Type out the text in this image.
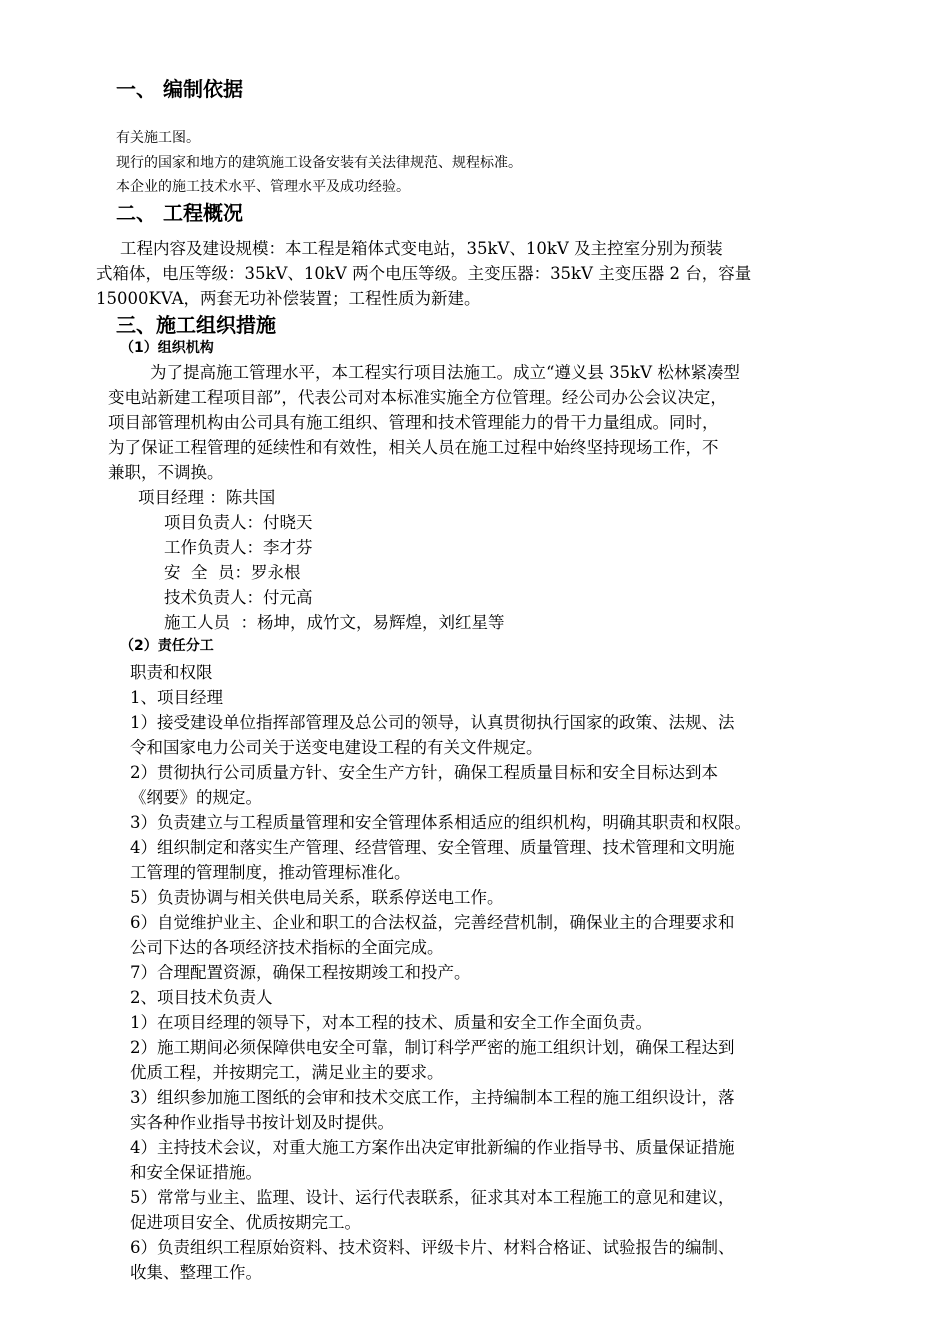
一、 编制依据
有关施工图。
现行的国家和地方的建筑施工设备安装有关法律规范、规程标准。
本企业的施工技术水平、管理水平及成功经验。
二、 工程概况
工程内容及建设规模：本工程是箱体式变电站，35kV、10kV 及主控室分别为预装
式箱体，电压等级：35kV、10kV 两个电压等级。主变压器：35kV 主变压器 2 台，容量
15000KVA，两套无功补偿装置；工程性质为新建。
三、施工组织措施
（1）组织机构
为了提高施工管理水平，本工程实行项目法施工。成立“遵义县 35kV 松林紧凑型
变电站新建工程项目部”，代表公司对本标准实施全方位管理。经公司办公会议决定，
项目部管理机构由公司具有施工组织、管理和技术管理能力的骨干力量组成。同时，
为了保证工程管理的延续性和有效性，相关人员在施工过程中始终坚持现场工作，不
兼职，不调换。
项目经理 ：陈共国
项目负责人：付晓天
工作负责人：李才芬
安  全  员：罗永根
技术负责人：付元高
施工人员  ：杨坤，成竹文，易辉煌，刘红星等
（2）责任分工
职责和权限
1、项目经理
1）接受建设单位指挥部管理及总公司的领导，认真贯彻执行国家的政策、法规、法
令和国家电力公司关于送变电建设工程的有关文件规定。
2）贯彻执行公司质量方针、安全生产方针，确保工程质量目标和安全目标达到本
《纲要》的规定。
3）负责建立与工程质量管理和安全管理体系相适应的组织机构，明确其职责和权限。
4）组织制定和落实生产管理、经营管理、安全管理、质量管理、技术管理和文明施
工管理的管理制度，推动管理标准化。
5）负责协调与相关供电局关系，联系停送电工作。
6）自觉维护业主、企业和职工的合法权益，完善经营机制，确保业主的合理要求和
公司下达的各项经济技术指标的全面完成。
7）合理配置资源，确保工程按期竣工和投产。
2、项目技术负责人
1）在项目经理的领导下，对本工程的技术、质量和安全工作全面负责。
2）施工期间必须保障供电安全可靠，制订科学严密的施工组织计划，确保工程达到
优质工程，并按期完工，满足业主的要求。
3）组织参加施工图纸的会审和技术交底工作，主持编制本工程的施工组织设计，落
实各种作业指导书按计划及时提供。
4）主持技术会议，对重大施工方案作出决定审批新编的作业指导书、质量保证措施
和安全保证措施。
5）常常与业主、监理、设计、运行代表联系，征求其对本工程施工的意见和建议，
促进项目安全、优质按期完工。
6）负责组织工程原始资料、技术资料、评级卡片、材料合格证、试验报告的编制、
收集、整理工作。
